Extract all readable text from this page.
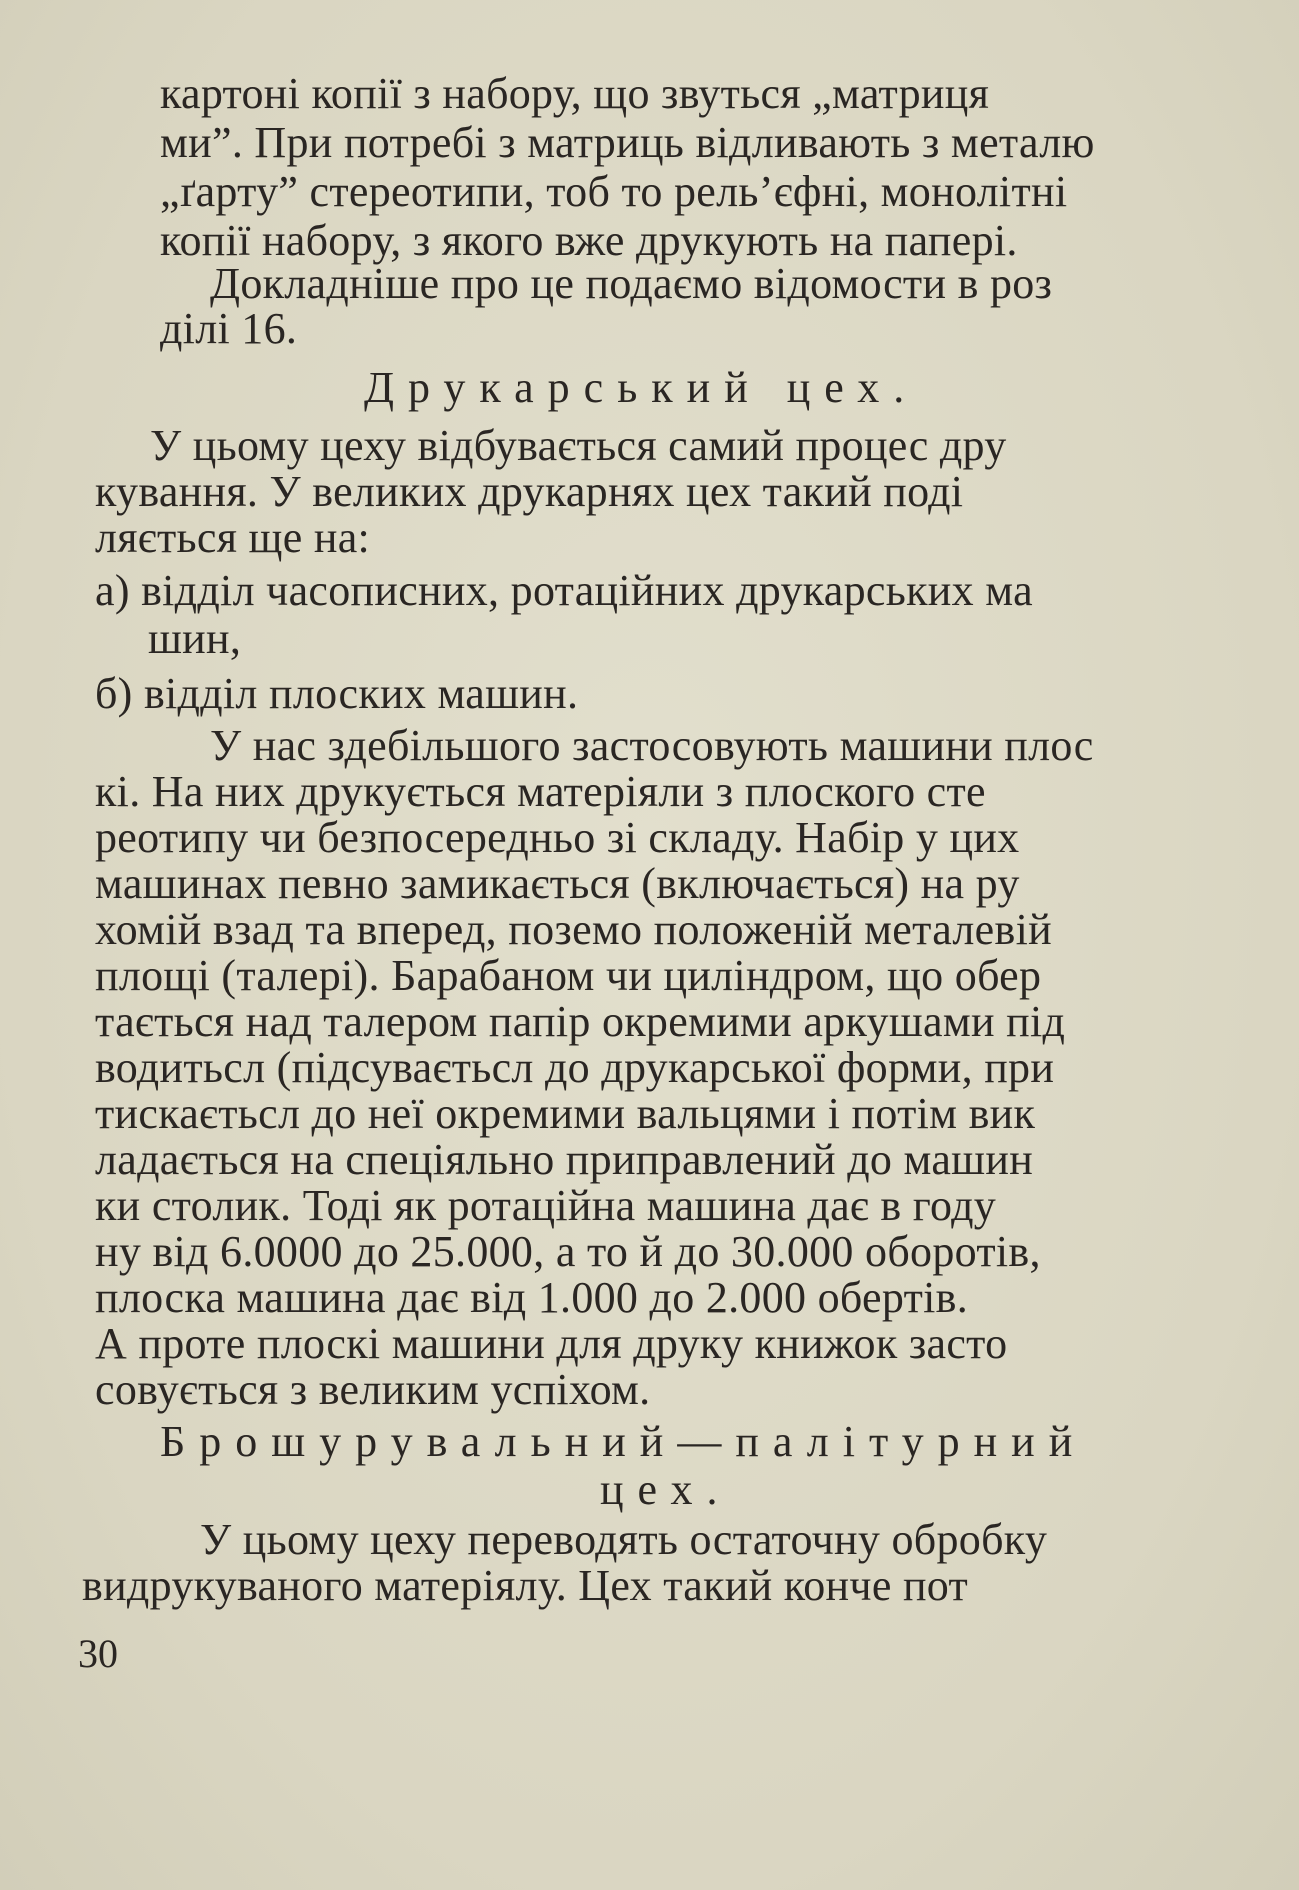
картоні копії з набору, що звуться „матриця
ми”. При потребі з матриць відливають з металю
„ґарту” стереотипи, тоб то рель’єфні, монолітні
копії набору, з якого вже друкують на папері.
Докладніше про це подаємо відомости в роз
ділі 16.
Друкарський цех.
У цьому цеху відбувається самий процес дру
кування. У великих друкарнях цех такий поді
ляється ще на:
а) відділ часописних, ротаційних друкарських ма
шин,
б) відділ плоских машин.
У нас здебільшого застосовують машини плос
кі. На них друкується матеріяли з плоского сте
реотипу чи безпосередньо зі складу. Набір у цих
машинах певно замикається (включається) на ру
хомій взад та вперед, поземо положеній металевій
площі (талері). Барабаном чи циліндром, що обер
тається над талером папір окремими аркушами під
водитьсл (підсуваєтьсл до друкарської форми, при
тискаєтьсл до неї окремими вальцями і потім вик
ладається на спеціяльно приправлений до машин
ки столик. Тоді як ротаційна машина дає в году
ну від 6.0000 до 25.000, а то й до 30.000 оборотів,
плоска машина дає від 1.000 до 2.000 обертів.
А проте плоскі машини для друку книжок засто
совується з великим успіхом.
Брошурувальний—палітурний
цех.
У цьому цеху переводять остаточну обробку
видрукуваного матеріялу. Цех такий конче пот
30
